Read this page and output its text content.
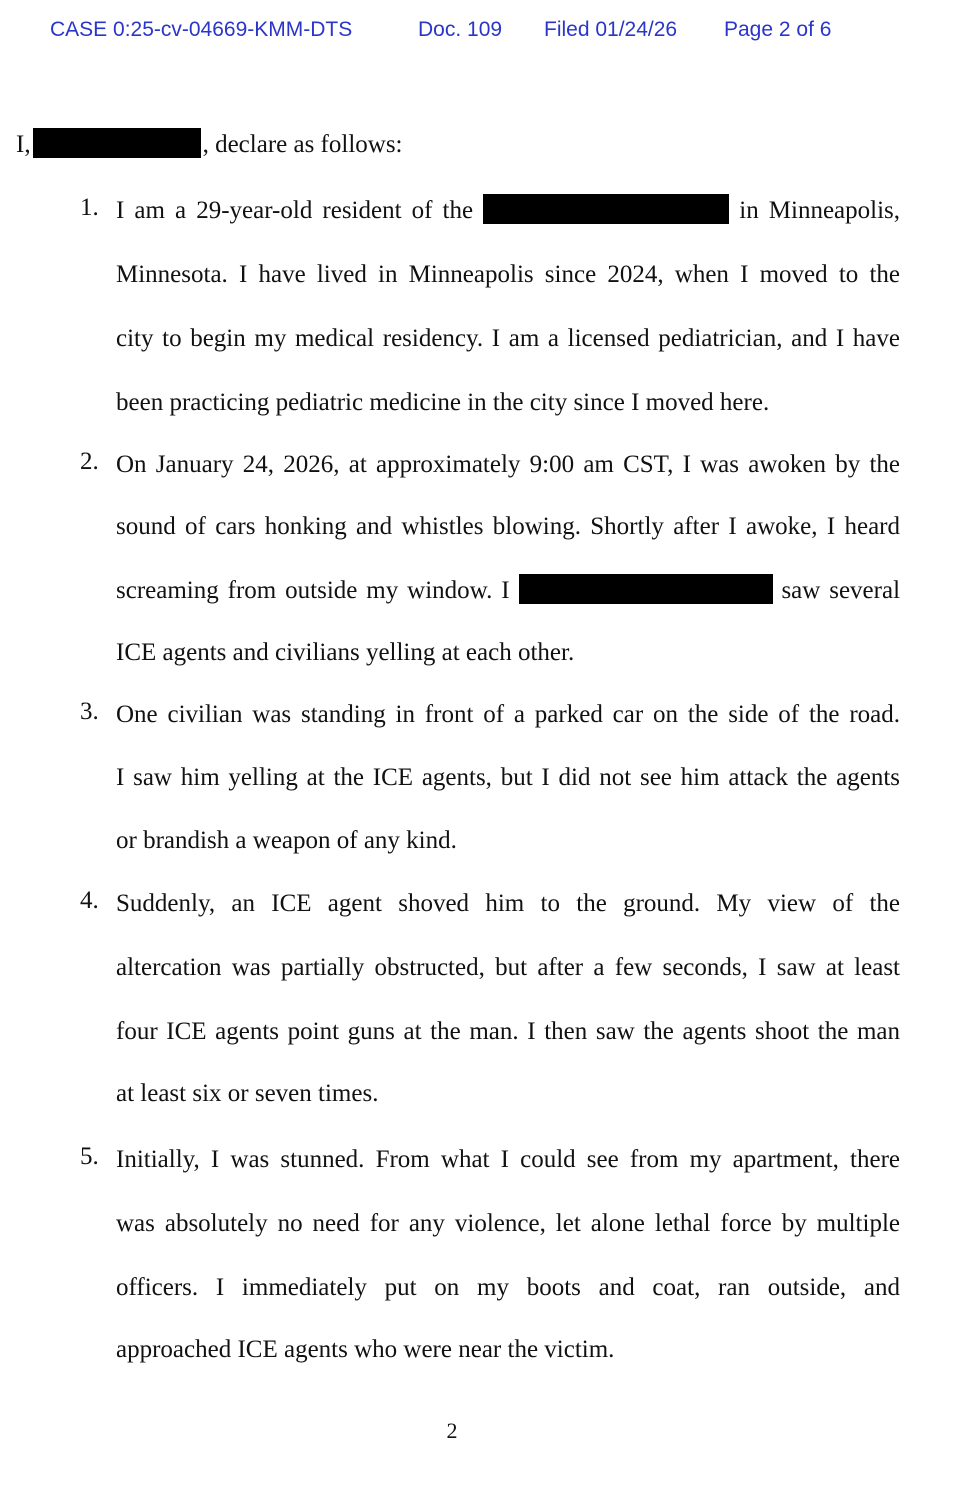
CASE 0:25-cv-04669-KMM-DTS	Doc. 109 Filed 01/24/26 Page 2 of 6
I,	, declare as follows:
1. I am a 29-year-old resident of the	in Minneapolis,
Minnesota. I have lived in Minneapolis since 2024, when I moved to the
city to begin my medical residency. I am a licensed pediatrician, and I have
been practicing pediatric medicine in the city since I moved here.
2. On January 24, 2026, at approximately 9:00 am CST, I was awoken by the
sound of cars honking and whistles blowing. Shortly after I awoke, I heard
screaming from outside my window. I	saw several
ICE agents and civilians yelling at each other.
3. One civilian was standing in front of a parked car on the side of the road.
I saw him yelling at the ICE agents, but I did not see him attack the agents
or brandish a weapon of any kind.
4. Suddenly, an ICE agent shoved him to the ground. My view of the
altercation was partially obstructed, but after a few seconds, I saw at least
four ICE agents point guns at the man. I then saw the agents shoot the man
at least six or seven times.
5. Initially, I was stunned. From what I could see from my apartment, there
was absolutely no need for any violence, let alone lethal force by multiple
officers. I immediately put on my boots and coat, ran outside, and
approached ICE agents who were near the victim.
2
